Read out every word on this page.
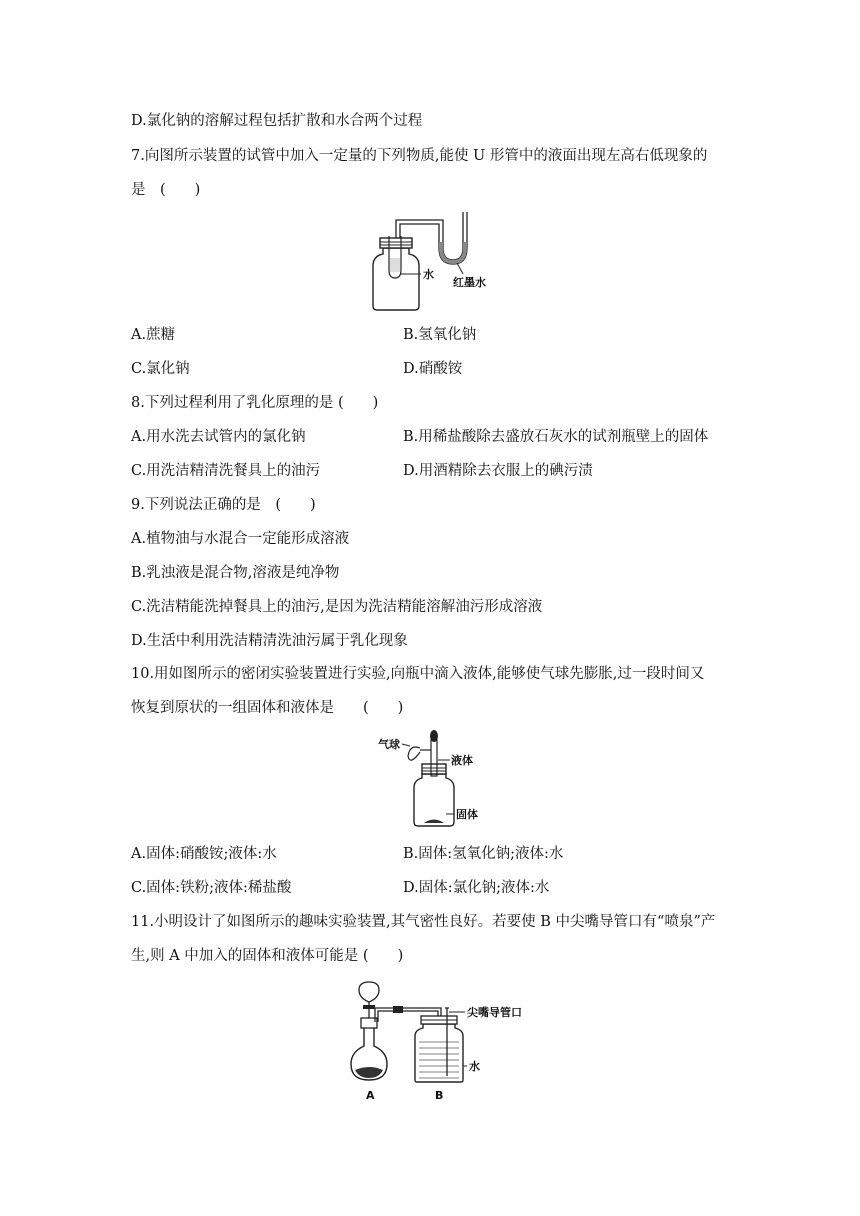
D.氯化钠的溶解过程包括扩散和水合两个过程
7.向图所示装置的试管中加入一定量的下列物质,能使 U 形管中的液面出现左高右低现象的
是　(　　)
水
红墨水
A.蔗糖	B.氢氧化钠
C.氯化钠	D.硝酸铵
8.下列过程利用了乳化原理的是 (　　)
A.用水洗去试管内的氯化钠	B.用稀盐酸除去盛放石灰水的试剂瓶壁上的固体
C.用洗洁精清洗餐具上的油污	D.用酒精除去衣服上的碘污渍
9.下列说法正确的是　(　　)
A.植物油与水混合一定能形成溶液
B.乳浊液是混合物,溶液是纯净物
C.洗洁精能洗掉餐具上的油污,是因为洗洁精能溶解油污形成溶液
D.生活中利用洗洁精清洗油污属于乳化现象
10.用如图所示的密闭实验装置进行实验,向瓶中滴入液体,能够使气球先膨胀,过一段时间又
恢复到原状的一组固体和液体是　　(　　)
气球
液体
固体
A.固体:硝酸铵;液体:水	B.固体:氢氧化钠;液体:水
C.固体:铁粉;液体:稀盐酸	D.固体:氯化钠;液体:水
11.小明设计了如图所示的趣味实验装置,其气密性良好。若要使 B 中尖嘴导管口有“喷泉”产
生,则 A 中加入的固体和液体可能是 (　　)
尖嘴导管口
水
A	B
